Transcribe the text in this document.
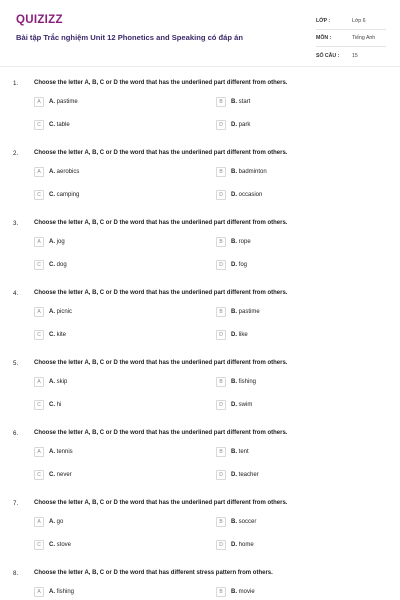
QUIZIZZ
Bài tập Trắc nghiệm Unit 12 Phonetics and Speaking có đáp án
LỚP :	Lớp 6
MÔN :	Tiếng Anh
SỐ CÂU :	15
1.	Choose the letter A, B, C or D the word that has the underlined part different from others.
A	A. pastime	B	B. start
C	C. table	D	D. park
2.	Choose the letter A, B, C or D the word that has the underlined part different from others.
A	A. aerobics	B	B. badminton
C	C. camping	D	D. occasion
3.	Choose the letter A, B, C or D the word that has the underlined part different from others.
A	A. jog	B	B. rope
C	C. dog	D	D. fog
4.	Choose the letter A, B, C or D the word that has the underlined part different from others.
A	A. picnic	B	B. pastime
C	C. kite	D	D. like
5.	Choose the letter A, B, C or D the word that has the underlined part different from others.
A	A. skip	B	B. fishing
C	C. hi	D	D. swim
6.	Choose the letter A, B, C or D the word that has the underlined part different from others.
A	A. tennis	B	B. tent
C	C. never	D	D. teacher
7.	Choose the letter A, B, C or D the word that has the underlined part different from others.
A	A. go	B	B. soccer
C	C. stove	D	D. home
8.	Choose the letter A, B, C or D the word that has different stress pattern from others.
A	A. fishing	B	B. movie
